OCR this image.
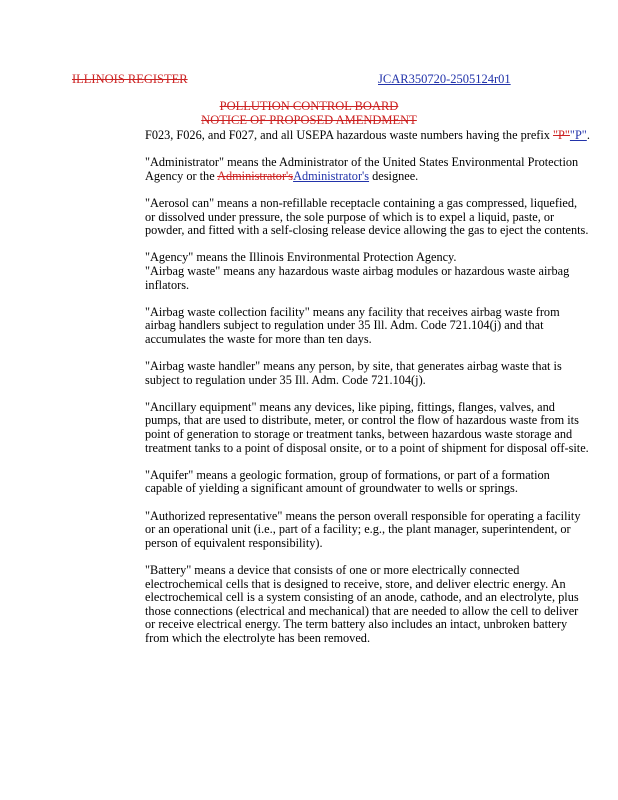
ILLINOIS REGISTER	JCAR350720-2505124r01
POLLUTION CONTROL BOARD
NOTICE OF PROPOSED AMENDMENT

F023, F026, and F027, and all USEPA hazardous waste numbers having the prefix "P""P".

"Administrator" means the Administrator of the United States Environmental Protection Agency or the Administrator'sAdministrator's designee.

"Aerosol can" means a non-refillable receptacle containing a gas compressed, liquefied, or dissolved under pressure, the sole purpose of which is to expel a liquid, paste, or powder, and fitted with a self-closing release device allowing the gas to eject the contents.

"Agency" means the Illinois Environmental Protection Agency.

"Airbag waste" means any hazardous waste airbag modules or hazardous waste airbag inflators.

"Airbag waste collection facility" means any facility that receives airbag waste from airbag handlers subject to regulation under 35 Ill. Adm. Code 721.104(j) and that accumulates the waste for more than ten days.

"Airbag waste handler" means any person, by site, that generates airbag waste that is subject to regulation under 35 Ill. Adm. Code 721.104(j).

"Ancillary equipment" means any devices, like piping, fittings, flanges, valves, and pumps, that are used to distribute, meter, or control the flow of hazardous waste from its point of generation to storage or treatment tanks, between hazardous waste storage and treatment tanks to a point of disposal onsite, or to a point of shipment for disposal off-site.

"Aquifer" means a geologic formation, group of formations, or part of a formation capable of yielding a significant amount of groundwater to wells or springs.

"Authorized representative" means the person overall responsible for operating a facility or an operational unit (i.e., part of a facility; e.g., the plant manager, superintendent, or person of equivalent responsibility).

"Battery" means a device that consists of one or more electrically connected electrochemical cells that is designed to receive, store, and deliver electric energy. An electrochemical cell is a system consisting of an anode, cathode, and an electrolyte, plus those connections (electrical and mechanical) that are needed to allow the cell to deliver or receive electrical energy. The term battery also includes an intact, unbroken battery from which the electrolyte has been removed.
